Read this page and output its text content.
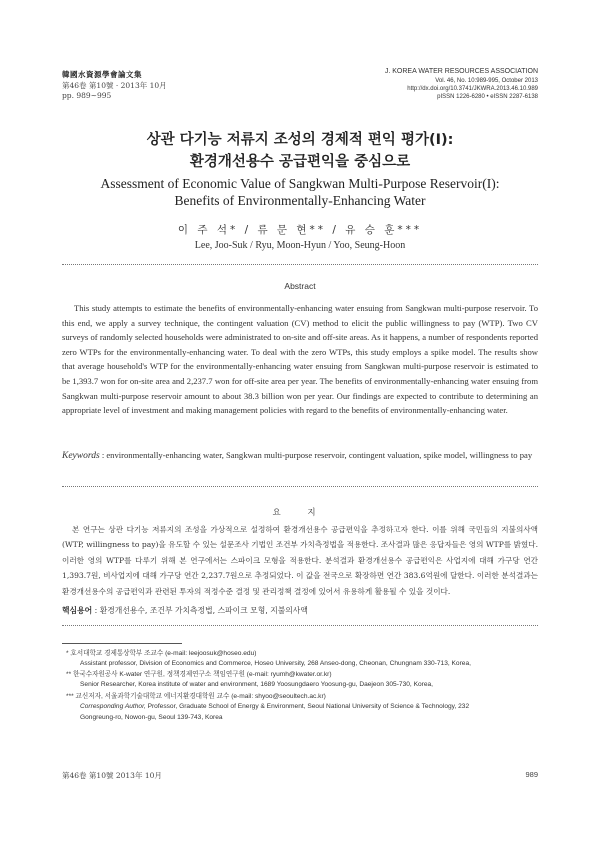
韓國水資源學會論文集
第46卷 第10號 · 2013年 10月
pp. 989~995
J. KOREA WATER RESOURCES ASSOCIATION
Vol. 46, No. 10:989-995, October 2013
http://dx.doi.org/10.3741/JKWRA.2013.46.10.989
pISSN 1226-6280 • eISSN 2287-6138
상관 다기능 저류지 조성의 경제적 편익 평가(I):
환경개선용수 공급편익을 중심으로
Assessment of Economic Value of Sangkwan Multi-Purpose Reservoir(I):
Benefits of Environmentally-Enhancing Water
이 주 석* / 류 문 현** / 유 승 훈***
Lee, Joo-Suk / Ryu, Moon-Hyun / Yoo, Seung-Hoon
Abstract

This study attempts to estimate the benefits of environmentally-enhancing water ensuing from Sangkwan multi-purpose reservoir. To this end, we apply a survey technique, the contingent valuation (CV) method to elicit the public willingness to pay (WTP). Two CV surveys of randomly selected households were administrated to on-site and off-site areas. As it happens, a number of respondents reported zero WTPs for the environmentally-enhancing water. To deal with the zero WTPs, this study employs a spike model. The results show that average household's WTP for the environmentally-enhancing water ensuing from Sangkwan multi-purpose reservoir is estimated to be 1,393.7 won for on-site area and 2,237.7 won for off-site area per year. The benefits of environmentally-enhancing water ensuing from Sangkwan multi-purpose reservoir amount to about 38.3 billion won per year. Our findings are expected to contribute to determining an appropriate level of investment and making management policies with regard to the benefits of environmentally-enhancing water.

Keywords : environmentally-enhancing water, Sangkwan multi-purpose reservoir, contingent valuation, spike model, willingness to pay
요 지

본 연구는 상관 다기능 저류지의 조성을 가상적으로 설정하여 환경개선용수 공급편익을 추정하고자 한다. 이를 위해 국민들의 지불의사액(WTP, willingness to pay)을 유도할 수 있는 설문조사 기법인 조건부 가치측정법을 적용한다. 조사결과 많은 응답자들은 영의 WTP를 밝혔다. 이러한 영의 WTP를 다루기 위해 본 연구에서는 스파이크 모형을 적용한다. 분석결과 환경개선용수 공급편익은 사업지에 대해 가구당 연간 1,393.7원, 비사업지에 대해 가구당 연간 2,237.7원으로 추정되었다. 이 값을 전국으로 확장하면 연간 383.6억원에 달한다. 이러한 분석결과는 환경개선용수의 공급편익과 관련된 투자의 적정수준 결정 및 관리정책 결정에 있어서 유용하게 활용될 수 있을 것이다.

핵심용어 : 환경개선용수, 조건부 가치측정법, 스파이크 모형, 지불의사액
* 호서대학교 경제통상학부 조교수 (e-mail: leejoosuk@hoseo.edu)
Assistant professor, Division of Economics and Commerce, Hoseo University, 268 Anseo-dong, Cheonan, Chungnam 330-713, Korea,
** 한국수자원공사 K-water 연구원, 정책경제연구소 책임연구원 (e-mail: ryumh@kwater.or.kr)
Senior Researcher, Korea institute of water and environment, 1689 Yoosungdaero Yoosung-gu, Daejeon 305-730, Korea,
*** 교신저자, 서울과학기술대학교 에너지환경대학원 교수 (e-mail: shyoo@seoultech.ac.kr)
Corresponding Author, Professor, Graduate School of Energy & Environment, Seoul National University of Science & Technology, 232
Gongreung-ro, Nowon-gu, Seoul 139-743, Korea
第46卷 第10號 2013年 10月	989
